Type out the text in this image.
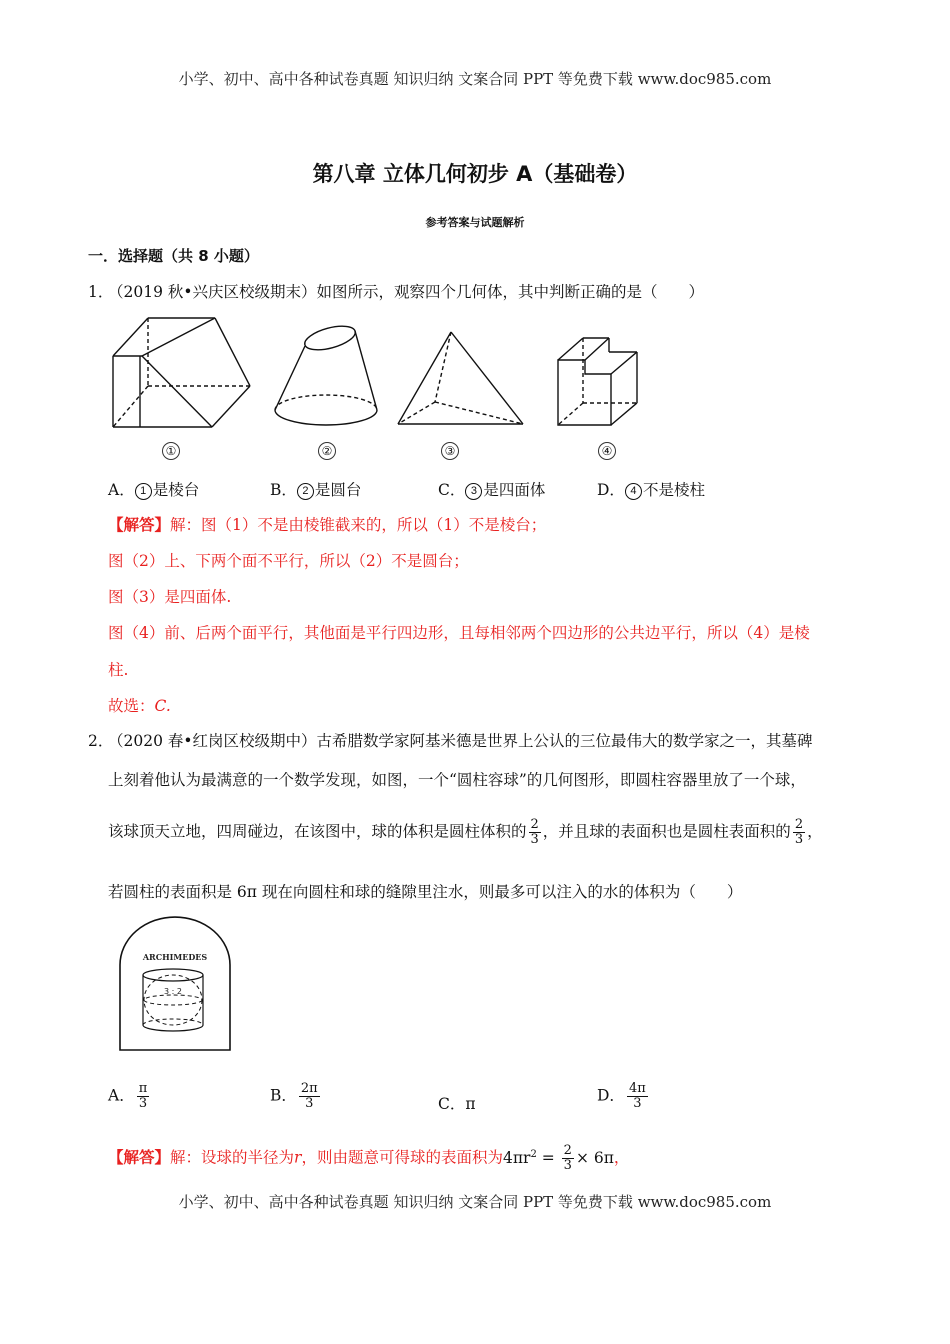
小学、初中、高中各种试卷真题 知识归纳 文案合同 PPT 等免费下载 www.doc985.com
第八章 立体几何初步 A（基础卷）
参考答案与试题解析
一．选择题（共 8 小题）
1．
（2019 秋•兴庆区校级期末）如图所示，观察四个几何体，其中判断正确的是（　　）
①	②	③	④
A． 1 是棱台	B． 2 是圆台	C． 3 是四面体	D． 4 不是棱柱
【解答】解：图（1）不是由棱锥截来的，所以（1）不是棱台；
图（2）上、下两个面不平行，所以（2）不是圆台；
图（3）是四面体.
图（4）前、后两个面平行，其他面是平行四边形，且每相邻两个四边形的公共边平行，所以（4）是棱
柱.
故选：C.
2．
（2020 春•红岗区校级期中）古希腊数学家阿基米德是世界上公认的三位最伟大的数学家之一，其墓碑
上刻着他认为最满意的一个数学发现，如图，一个“圆柱容球”的几何图形，即圆柱容器里放了一个球，
该球顶天立地，四周碰边，在该图中，球的体积是圆柱体积的 $\frac{2}{3}$ ，并且球的表面积也是圆柱表面积的 $\frac{2}{3}$ ，
若圆柱的表面积是 6π 现在向圆柱和球的缝隙里注水，则最多可以注入的水的体积为（　　）
ARCHIMEDES
3 : 2
A． $\frac{\pi}{3}$	B． $\frac{2\pi}{3}$	C．π	D． $\frac{4\pi}{3}$
【解答】解：设球的半径为r，则由题意可得球的表面积为$4\pi r^2 = \frac{2}{3} \times 6\pi$，
小学、初中、高中各种试卷真题 知识归纳 文案合同 PPT 等免费下载 www.doc985.com
